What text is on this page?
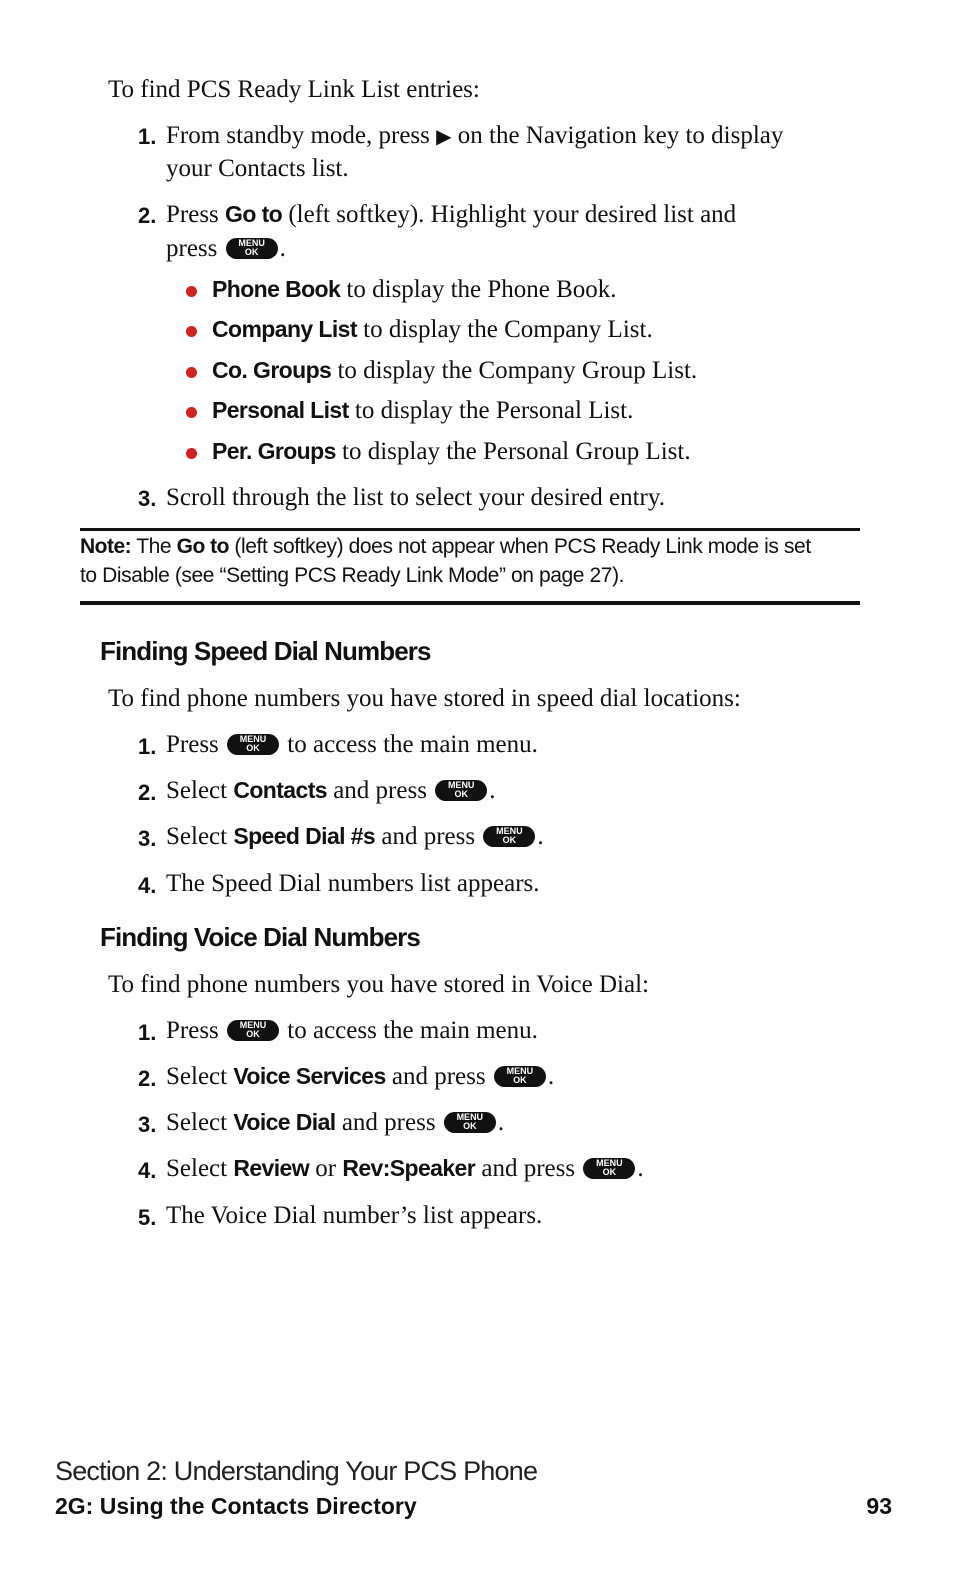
To find PCS Ready Link List entries:
1. From standby mode, press ▶ on the Navigation key to display
your Contacts list.
2. Press Go to (left softkey). Highlight your desired list and
press	MENU
OK .
Phone Book to display the Phone Book.
Company List to display the Company List.
Co. Groups to display the Company Group List.
Personal List to display the Personal List.
Per. Groups to display the Personal Group List.
3. Scroll through the list to select your desired entry.
Note: The Go to (left softkey) does not appear when PCS Ready Link mode is set
to Disable (see “Setting PCS Ready Link Mode” on page 27).
Finding Speed Dial Numbers
To find phone numbers you have stored in speed dial locations:
1. Press	MENU
OK to access the main menu.
2. Select Contacts and press	MENU
OK .
3. Select Speed Dial #s and press	MENU
OK .
4. The Speed Dial numbers list appears.
Finding Voice Dial Numbers
To find phone numbers you have stored in Voice Dial:
1. Press	MENU
OK to access the main menu.
2. Select Voice Services and press	MENU
OK .
3. Select Voice Dial and press	MENU
OK .
4. Select Review or Rev:Speaker and press	MENU
OK .
5. The Voice Dial number’s list appears.
Section 2: Understanding Your PCS Phone
2G: Using the Contacts Directory	93
